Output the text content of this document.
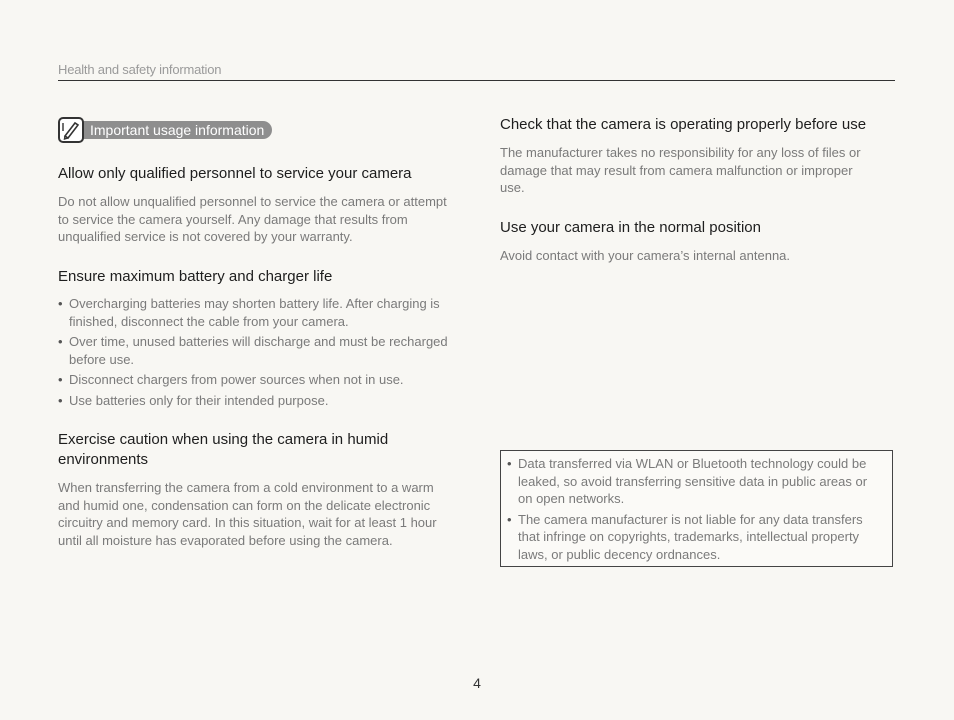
Health and safety information
Important usage information
Allow only qualified personnel to service your camera
Do not allow unqualified personnel to service the camera or attempt to service the camera yourself. Any damage that results from unqualified service is not covered by your warranty.
Ensure maximum battery and charger life
• Overcharging batteries may shorten battery life. After charging is finished, disconnect the cable from your camera.
• Over time, unused batteries will discharge and must be recharged before use.
• Disconnect chargers from power sources when not in use.
• Use batteries only for their intended purpose.
Exercise caution when using the camera in humid environments
When transferring the camera from a cold environment to a warm and humid one, condensation can form on the delicate electronic circuitry and memory card. In this situation, wait for at least 1 hour until all moisture has evaporated before using the camera.
Check that the camera is operating properly before use
The manufacturer takes no responsibility for any loss of files or damage that may result from camera malfunction or improper use.
Use your camera in the normal position
Avoid contact with your camera’s internal antenna.
• Data transferred via WLAN or Bluetooth technology could be leaked, so avoid transferring sensitive data in public areas or on open networks.
• The camera manufacturer is not liable for any data transfers that infringe on copyrights, trademarks, intellectual property laws, or public decency ordnances.
4
